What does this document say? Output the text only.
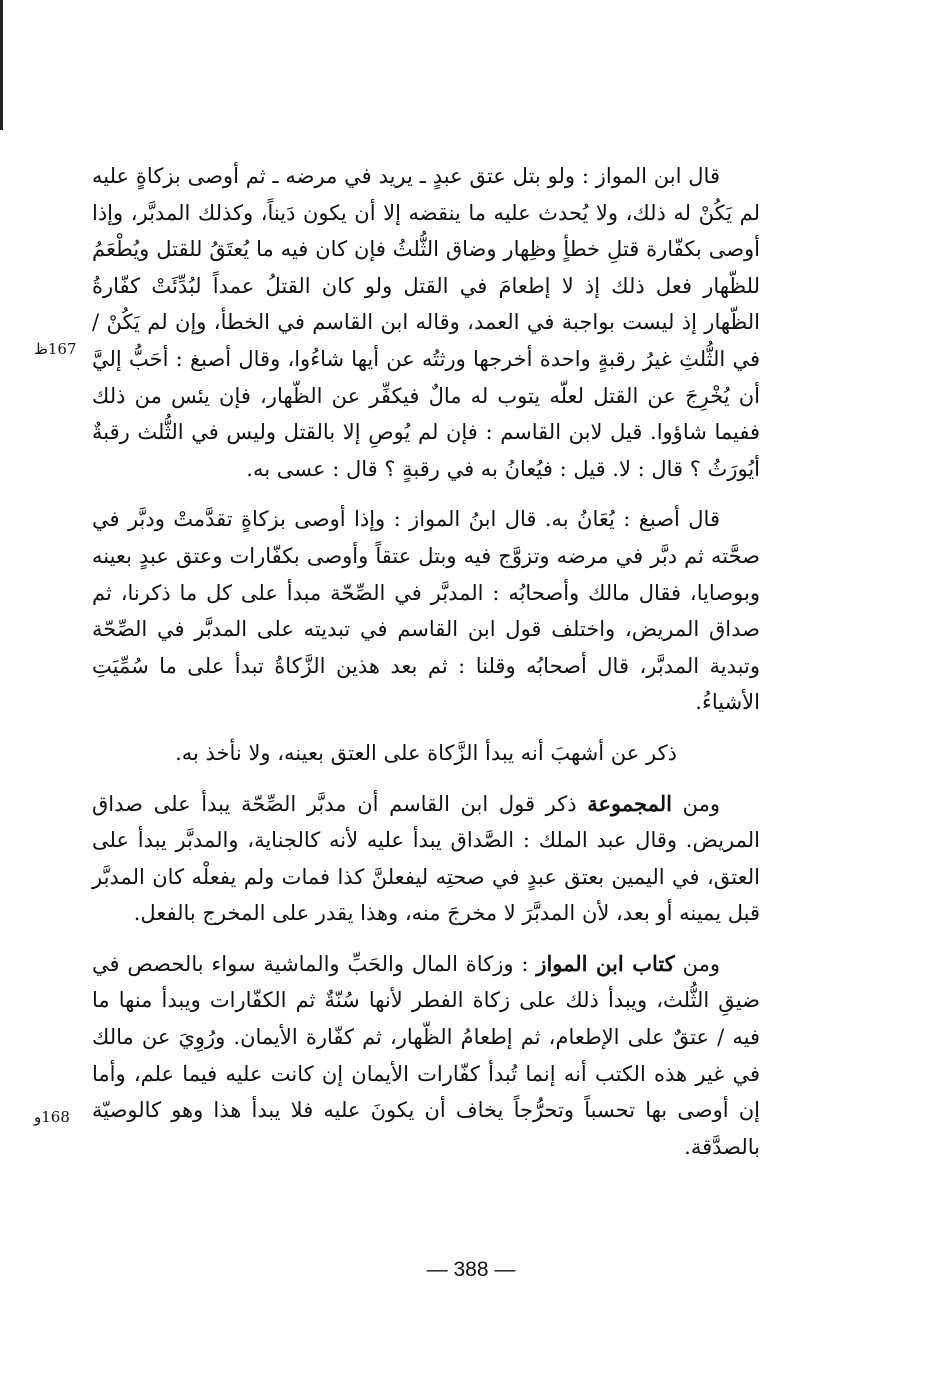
قال ابن المواز : ولو بتل عتق عبدٍ ـ يريد في مرضه ـ ثم أوصى بزكاةٍ عليه لم يَكُنْ له ذلك، ولا يُحدث عليه ما ينقضه إلا أن يكون دَيناً، وكذلك المدبَّر، وإذا أوصى بكفّارة قتلِ خطأٍ وظِهار وضاق الثُّلثُ فإن كان فيه ما يُعتَقُ للقتل ويُطْعَمُ للظّهار فعل ذلك إذ لا إطعامَ في القتل ولو كان القتلُ عمداً لبُدِّئَتْ كفّارةُ الظّهار إذ ليست بواجبة في العمد، وقاله ابن القاسم في الخطأ، وإن لم يَكُنْ / في الثُّلثِ غيرُ رقبةٍ واحدة أخرجها ورثتُه عن أيها شاءُوا، وقال أصبغ : أحَبُّ إليَّ أن يُخْرِجَ عن القتل لعلّه يتوب له مالٌ فيكفِّر عن الظّهار، فإن يئس من ذلك ففيما شاؤوا. قيل لابن القاسم : فإن لم يُوصِ إلا بالقتل وليس في الثُّلث رقبةٌ أيُورَثُ ؟ قال : لا. قيل : فيُعانُ به في رقبةٍ ؟ قال : عسى به.

قال أصبغ : يُعَانُ به. قال ابنُ المواز : وإذا أوصى بزكاةٍ تقدَّمتْ ودبَّر في صحَّته ثم دبَّر في مرضه وتزوَّج فيه وبتل عتقاً وأوصى بكفّارات وعتق عبدٍ بعينه وبوصايا، فقال مالك وأصحابُه : المدبَّر في الصِّحّة مبدأ على كل ما ذكرنا، ثم صداق المريض، واختلف قول ابن القاسم في تبديته على المدبَّر في الصِّحّة وتبدية المدبَّر، قال أصحابُه وقلنا : ثم بعد هذين الزَّكاةُ تبدأ على ما سُمِّيَتِ الأشياءُ.

ذكر عن أشهبَ أنه يبدأ الزَّكاة على العتق بعينه، ولا نأخذ به.

ومن المجموعة ذكر قول ابن القاسم أن مدبَّر الصِّحّة يبدأ على صداق المريض. وقال عبد الملك : الصَّداق يبدأ عليه لأنه كالجناية، والمدبَّر يبدأ على العتق، في اليمين بعتق عبدٍ في صحتِه ليفعلنَّ كذا فمات ولم يفعلْه كان المدبَّر قبل يمينه أو بعد، لأن المدبَّرَ لا مخرجَ منه، وهذا يقدر على المخرج بالفعل.

ومن كتاب ابن المواز : وزكاة المال والحَبِّ والماشية سواء بالحصص في ضيقِ الثُّلث، ويبدأ ذلك على زكاة الفطر لأنها سُنّةٌ ثم الكفّارات ويبدأ منها ما فيه / عتقٌ على الإطعام، ثم إطعامُ الظّهار، ثم كفّارة الأيمان. ورُوِيَ عن مالك في غير هذه الكتب أنه إنما تُبدأ كفّارات الأيمان إن كانت عليه فيما علم، وأما إن أوصى بها تحسباً وتحرُّجاً يخاف أن يكونَ عليه فلا يبدأ هذا وهو كالوصيّة بالصدَّقة.

167ظ
168و
— 388 —
